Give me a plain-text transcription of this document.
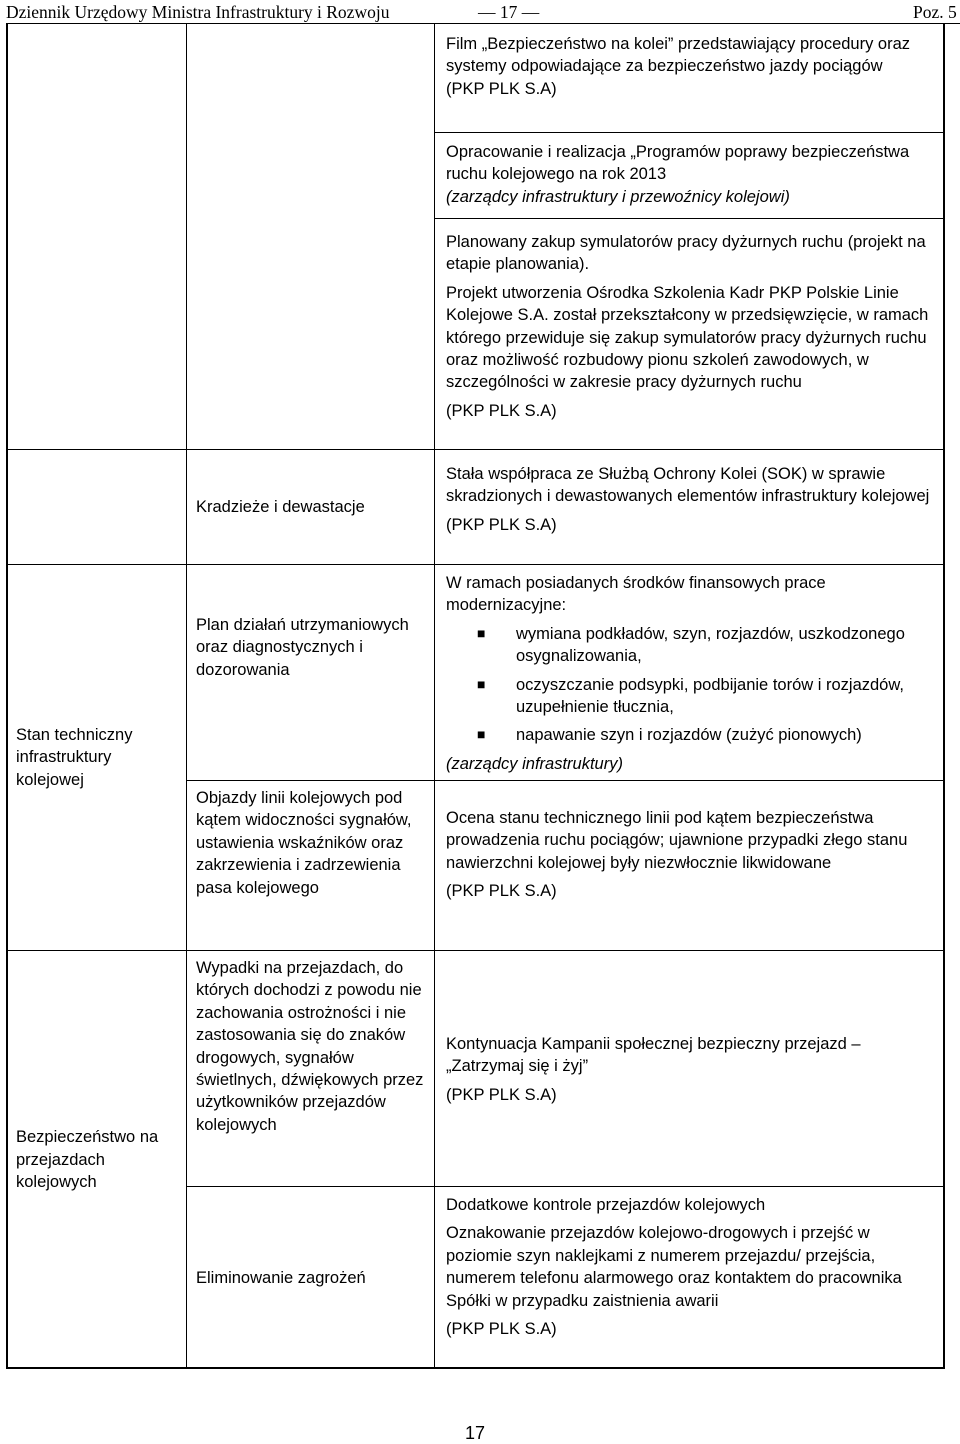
Dziennik Urzędowy Ministra Infrastruktury i Rozwoju	— 17 —	Poz. 5

Film „Bezpieczeństwo na kolei” przedstawiający procedury oraz systemy odpowiadające za bezpieczeństwo jazdy pociągów

(PKP PLK S.A)

Opracowanie i realizacja „Programów poprawy bezpieczeństwa ruchu kolejowego na rok 2013

(zarządcy infrastruktury i przewoźnicy kolejowi)

Planowany zakup symulatorów pracy dyżurnych ruchu (projekt na etapie planowania).

Projekt utworzenia Ośrodka Szkolenia Kadr PKP Polskie Linie Kolejowe S.A. został przekształcony w przedsięwzięcie, w ramach którego przewiduje się zakup symulatorów pracy dyżurnych ruchu oraz możliwość rozbudowy pionu szkoleń zawodowych, w szczególności w zakresie pracy dyżurnych ruchu

(PKP PLK S.A)

Kradzieże i dewastacje

Stała współpraca ze Służbą Ochrony Kolei (SOK) w sprawie skradzionych i dewastowanych elementów infrastruktury kolejowej

(PKP PLK S.A)

Stan techniczny infrastruktury kolejowej

Plan działań utrzymaniowych oraz diagnostycznych i dozorowania

W ramach posiadanych środków finansowych prace modernizacyjne:

■ wymiana podkładów, szyn, rozjazdów, uszkodzonego osygnalizowania,
■ oczyszczanie podsypki, podbijanie torów i rozjazdów, uzupełnienie tłucznia,
■ napawanie szyn i rozjazdów (zużyć pionowych)

(zarządcy infrastruktury)

Objazdy linii kolejowych pod kątem widoczności sygnałów, ustawienia wskaźników oraz zakrzewienia i zadrzewienia pasa kolejowego

Ocena stanu technicznego linii pod kątem bezpieczeństwa prowadzenia ruchu pociągów; ujawnione przypadki złego stanu nawierzchni kolejowej były niezwłocznie likwidowane

(PKP PLK S.A)

Bezpieczeństwo na przejazdach kolejowych

Wypadki na przejazdach, do których dochodzi z powodu nie zachowania ostrożności i nie zastosowania się do znaków drogowych, sygnałów świetlnych, dźwiękowych przez użytkowników przejazdów kolejowych

Kontynuacja Kampanii społecznej bezpieczny przejazd – „Zatrzymaj się i żyj”

(PKP PLK S.A)

Eliminowanie zagrożeń

Dodatkowe kontrole przejazdów kolejowych

Oznakowanie przejazdów kolejowo-drogowych i przejść w poziomie szyn naklejkami z numerem przejazdu/ przejścia, numerem telefonu alarmowego oraz kontaktem do pracownika Spółki w przypadku zaistnienia awarii

(PKP PLK S.A)

17
